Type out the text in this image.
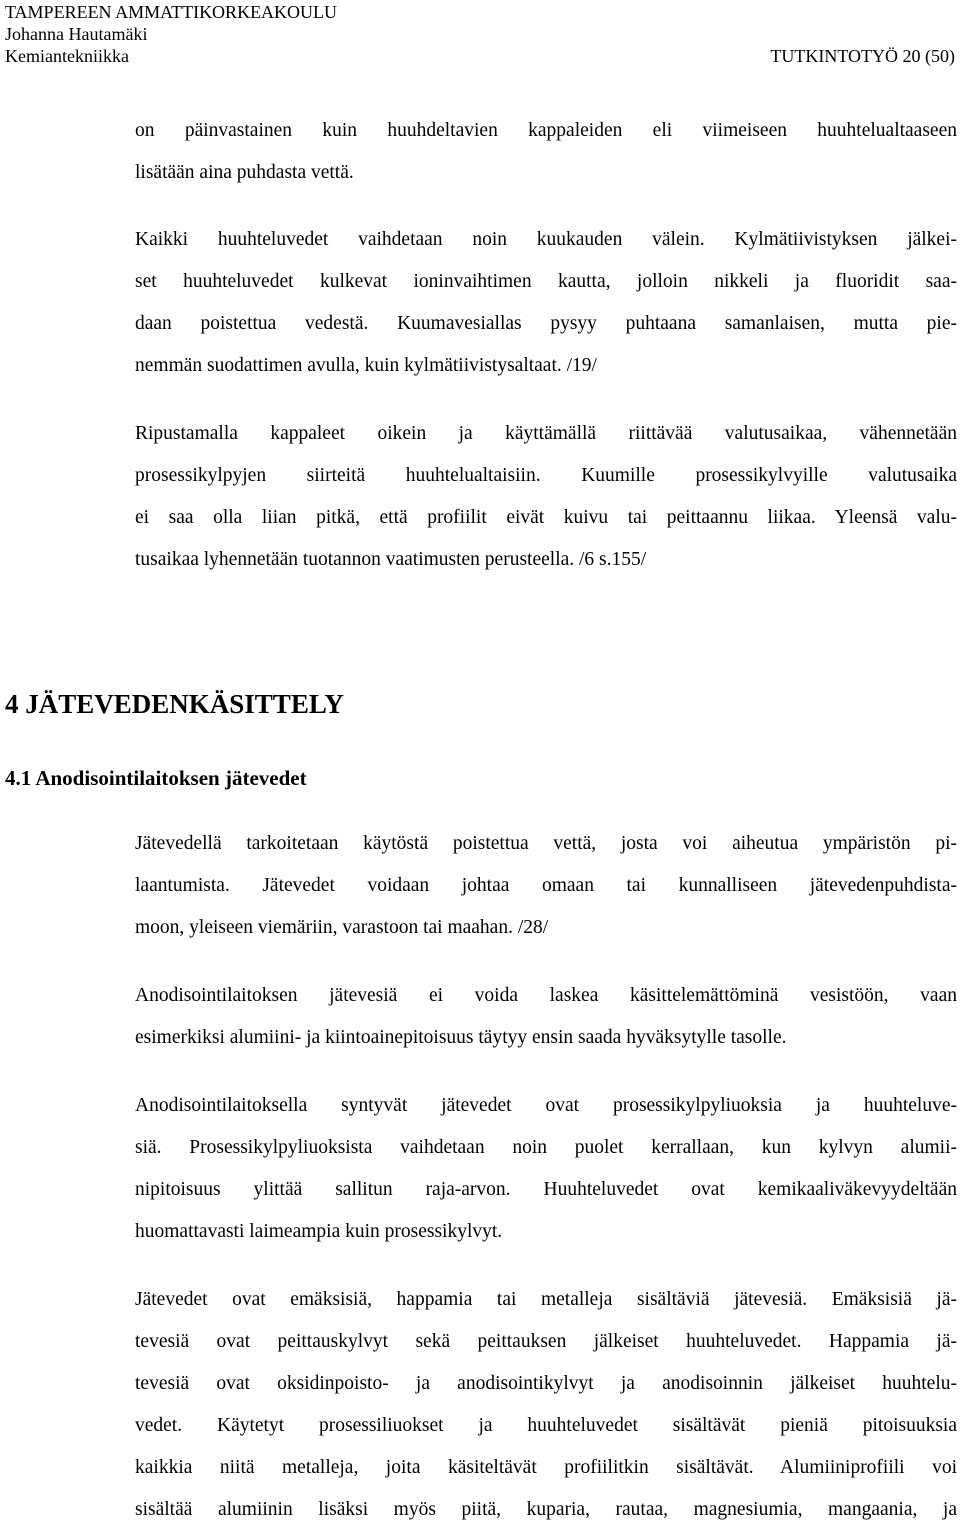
TAMPEREEN AMMATTIKORKEAKOULU
Johanna Hautamäki
Kemiantekniikka	TUTKINTOTYÖ 20 (50)
on päinvastainen kuin huuhdeltavien kappaleiden eli viimeiseen huuhtelualtaaseen
lisätään aina puhdasta vettä.
Kaikki huuhteluvedet vaihdetaan noin kuukauden välein. Kylmätiivistyksen jälkei-
set huuhteluvedet kulkevat ioninvaihtimen kautta, jolloin nikkeli ja fluoridit saa-
daan poistettua vedestä. Kuumavesiallas pysyy puhtaana samanlaisen, mutta pie-
nemmän suodattimen avulla, kuin kylmätiivistysaltaat. /19/
Ripustamalla kappaleet oikein ja käyttämällä riittävää valutusaikaa, vähennetään
prosessikylpyjen siirteitä huuhtelualtaisiin. Kuumille prosessikylvyille valutusaika
ei saa olla liian pitkä, että profiilit eivät kuivu tai peittaannu liikaa. Yleensä valu-
tusaikaa lyhennetään tuotannon vaatimusten perusteella. /6 s.155/
4 JÄTEVEDENKÄSITTELY
4.1 Anodisointilaitoksen jätevedet
Jätevedellä tarkoitetaan käytöstä poistettua vettä, josta voi aiheutua ympäristön pi-
laantumista. Jätevedet voidaan johtaa omaan tai kunnalliseen jätevedenpuhdista-
moon, yleiseen viemäriin, varastoon tai maahan. /28/
Anodisointilaitoksen jätevesiä ei voida laskea käsittelemättöminä vesistöön, vaan
esimerkiksi alumiini- ja kiintoainepitoisuus täytyy ensin saada hyväksytylle tasolle.
Anodisointilaitoksella syntyvät jätevedet ovat prosessikylpyliuoksia ja huuhteluve-
siä. Prosessikylpyliuoksista vaihdetaan noin puolet kerrallaan, kun kylvyn alumii-
nipitoisuus ylittää sallitun raja-arvon. Huuhteluvedet ovat kemikaaliväkevyydeltään
huomattavasti laimeampia kuin prosessikylvyt.
Jätevedet ovat emäksisiä, happamia tai metalleja sisältäviä jätevesiä. Emäksisiä jä-
tevesiä ovat peittauskylvyt sekä peittauksen jälkeiset huuhteluvedet. Happamia jä-
tevesiä ovat oksidinpoisto- ja anodisointikylvyt ja anodisoinnin jälkeiset huuhtelu-
vedet. Käytetyt prosessiliuokset ja huuhteluvedet sisältävät pieniä pitoisuuksia
kaikkia niitä metalleja, joita käsiteltävät profiilitkin sisältävät. Alumiiniprofiili voi
sisältää alumiinin lisäksi myös piitä, kuparia, rautaa, magnesiumia, mangaania, ja
